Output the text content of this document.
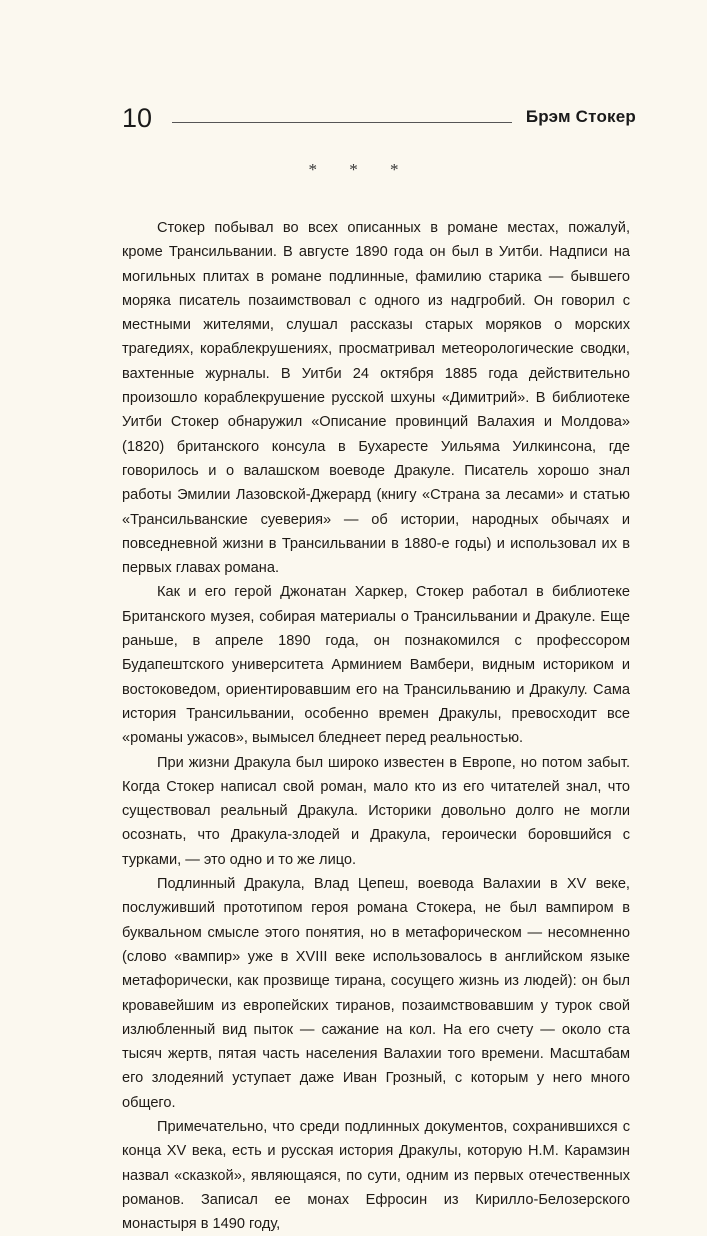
10	Брэм Стокер
* * *

Стокер побывал во всех описанных в романе местах, пожалуй, кроме Трансильвании. В августе 1890 года он был в Уитби. Надписи на могильных плитах в романе подлинные, фамилию старика — бывшего моряка писатель позаимствовал с одного из надгробий. Он говорил с местными жителями, слушал рассказы старых моряков о морских трагедиях, кораблекрушениях, просматривал метеорологические сводки, вахтенные журналы. В Уитби 24 октября 1885 года действительно произошло кораблекрушение русской шхуны «Димитрий». В библиотеке Уитби Стокер обнаружил «Описание провинций Валахия и Молдова» (1820) британского консула в Бухаресте Уильяма Уилкинсона, где говорилось и о валашском воеводе Дракуле. Писатель хорошо знал работы Эмилии Лазовской-Джерард (книгу «Страна за лесами» и статью «Трансильванские суеверия» — об истории, народных обычаях и повседневной жизни в Трансильвании в 1880-е годы) и использовал их в первых главах романа.

Как и его герой Джонатан Харкер, Стокер работал в библиотеке Британского музея, собирая материалы о Трансильвании и Дракуле. Еще раньше, в апреле 1890 года, он познакомился с профессором Будапештского университета Арминием Вамбери, видным историком и востоковедом, ориентировавшим его на Трансильванию и Дракулу. Сама история Трансильвании, особенно времен Дракулы, превосходит все «романы ужасов», вымысел бледнеет перед реальностью.

При жизни Дракула был широко известен в Европе, но потом забыт. Когда Стокер написал свой роман, мало кто из его читателей знал, что существовал реальный Дракула. Историки довольно долго не могли осознать, что Дракула-злодей и Дракула, героически боровшийся с турками, — это одно и то же лицо.

Подлинный Дракула, Влад Цепеш, воевода Валахии в XV веке, послуживший прототипом героя романа Стокера, не был вампиром в буквальном смысле этого понятия, но в метафорическом — несомненно (слово «вампир» уже в XVIII веке использовалось в английском языке метафорически, как прозвище тирана, сосущего жизнь из людей): он был кровавейшим из европейских тиранов, позаимствовавшим у турок свой излюбленный вид пыток — сажание на кол. На его счету — около ста тысяч жертв, пятая часть населения Валахии того времени. Масштабам его злодеяний уступает даже Иван Грозный, с которым у него много общего.

Примечательно, что среди подлинных документов, сохранившихся с конца XV века, есть и русская история Дракулы, которую Н.М. Карамзин назвал «сказкой», являющаяся, по сути, одним из первых отечественных романов. Записал ее монах Ефросин из Кирилло-Белозерского монастыря в 1490 году,
